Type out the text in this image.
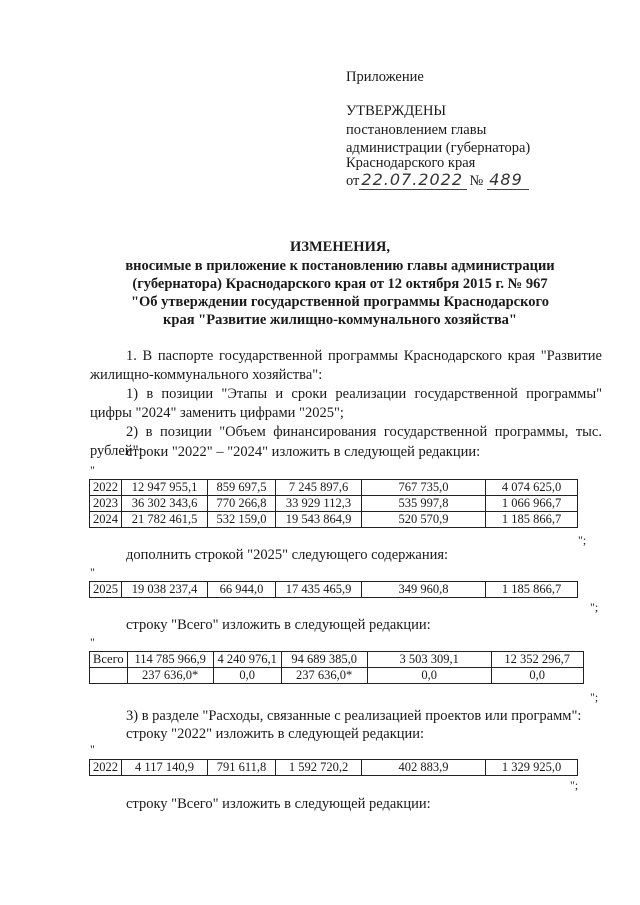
Приложение
УТВЕРЖДЕНЫ
постановлением главы
администрации (губернатора)
Краснодарского края
от 22.07.2022 № 489
ИЗМЕНЕНИЯ,
вносимые в приложение к постановлению главы администрации
(губернатора) Краснодарского края от 12 октября 2015 г. № 967
"Об утверждении государственной программы Краснодарского
края "Развитие жилищно-коммунального хозяйства"
1. В паспорте государственной программы Краснодарского края "Развитие жилищно-коммунального хозяйства":
1) в позиции "Этапы и сроки реализации государственной программы" цифры "2024" заменить цифрами "2025";
2) в позиции "Объем финансирования государственной программы, тыс. рублей":
строки "2022" – "2024" изложить в следующей редакции:
"
2022	12 947 955,1	859 697,5	7 245 897,6	767 735,0	4 074 625,0
2023	36 302 343,6	770 266,8	33 929 112,3	535 997,8	1 066 966,7
2024	21 782 461,5	532 159,0	19 543 864,9	520 570,9	1 185 866,7
";
дополнить строкой "2025" следующего содержания:
"
2025	19 038 237,4	66 944,0	17 435 465,9	349 960,8	1 185 866,7
";
строку "Всего" изложить в следующей редакции:
"
Всего	114 785 966,9	4 240 976,1	94 689 385,0	3 503 309,1	12 352 296,7
	237 636,0*	0,0	237 636,0*	0,0	0,0
";
3) в разделе "Расходы, связанные с реализацией проектов или программ":
строку "2022" изложить в следующей редакции:
"
2022	4 117 140,9	791 611,8	1 592 720,2	402 883,9	1 329 925,0
";
строку "Всего" изложить в следующей редакции:
